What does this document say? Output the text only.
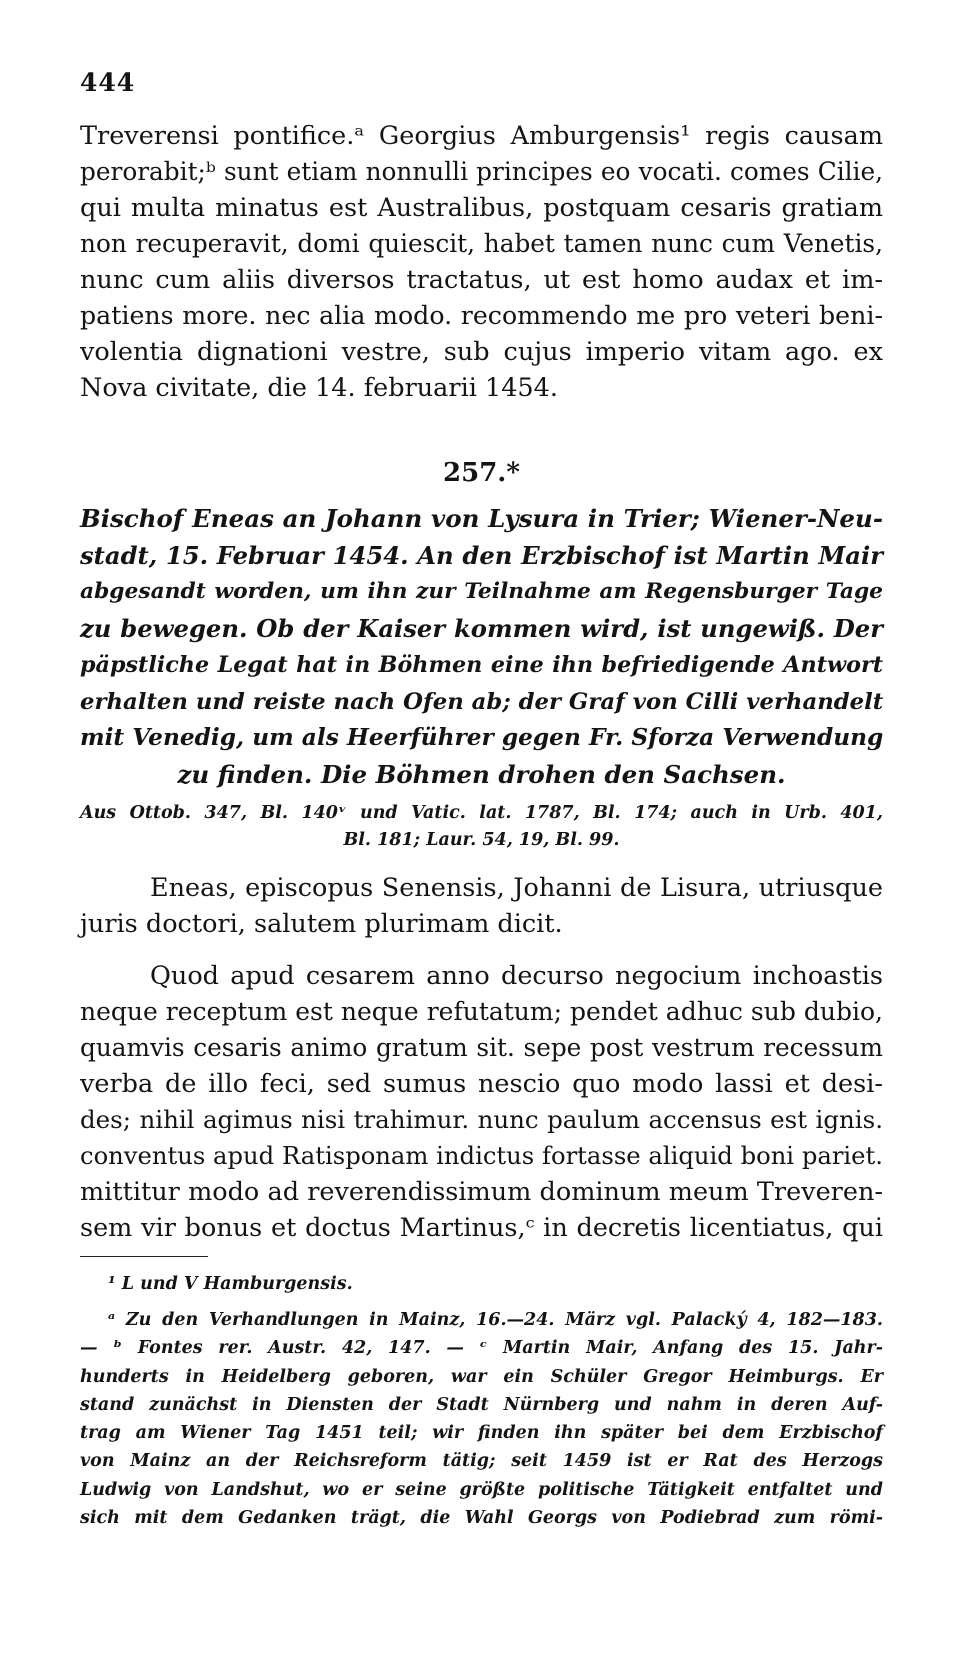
444
Treverensi pontifice.ᵃ Georgius Amburgensis¹ regis causam
perorabit;ᵇ sunt etiam nonnulli principes eo vocati. comes Cilie,
qui multa minatus est Australibus, postquam cesaris gratiam
non recuperavit, domi quiescit, habet tamen nunc cum Venetis,
nunc cum aliis diversos tractatus, ut est homo audax et im-
patiens more. nec alia modo. recommendo me pro veteri beni-
volentia dignationi vestre, sub cujus imperio vitam ago. ex
Nova civitate, die 14. februarii 1454.
257.*
Bischof Eneas an Johann von Lysura in Trier; Wiener-Neu-
stadt, 15. Februar 1454. An den Erzbischof ist Martin Mair
abgesandt worden, um ihn zur Teilnahme am Regensburger Tage
zu bewegen. Ob der Kaiser kommen wird, ist ungewiß. Der
päpstliche Legat hat in Böhmen eine ihn befriedigende Antwort
erhalten und reiste nach Ofen ab; der Graf von Cilli verhandelt
mit Venedig, um als Heerführer gegen Fr. Sforza Verwendung
zu finden. Die Böhmen drohen den Sachsen.
Aus Ottob. 347, Bl. 140ᵛ und Vatic. lat. 1787, Bl. 174; auch in Urb. 401,
Bl. 181; Laur. 54, 19, Bl. 99.
Eneas, episcopus Senensis, Johanni de Lisura, utriusque
juris doctori, salutem plurimam dicit.
Quod apud cesarem anno decurso negocium inchoastis
neque receptum est neque refutatum; pendet adhuc sub dubio,
quamvis cesaris animo gratum sit. sepe post vestrum recessum
verba de illo feci, sed sumus nescio quo modo lassi et desi-
des; nihil agimus nisi trahimur. nunc paulum accensus est ignis.
conventus apud Ratisponam indictus fortasse aliquid boni pariet.
mittitur modo ad reverendissimum dominum meum Treveren-
sem vir bonus et doctus Martinus,ᶜ in decretis licentiatus, qui
¹ L und V Hamburgensis.
ᵃ Zu den Verhandlungen in Mainz, 16.—24. März vgl. Palacký 4, 182—183.
— ᵇ Fontes rer. Austr. 42, 147. — ᶜ Martin Mair, Anfang des 15. Jahr-
hunderts in Heidelberg geboren, war ein Schüler Gregor Heimburgs. Er
stand zunächst in Diensten der Stadt Nürnberg und nahm in deren Auf-
trag am Wiener Tag 1451 teil; wir finden ihn später bei dem Erzbischof
von Mainz an der Reichsreform tätig; seit 1459 ist er Rat des Herzogs
Ludwig von Landshut, wo er seine größte politische Tätigkeit entfaltet und
sich mit dem Gedanken trägt, die Wahl Georgs von Podiebrad zum römi-
